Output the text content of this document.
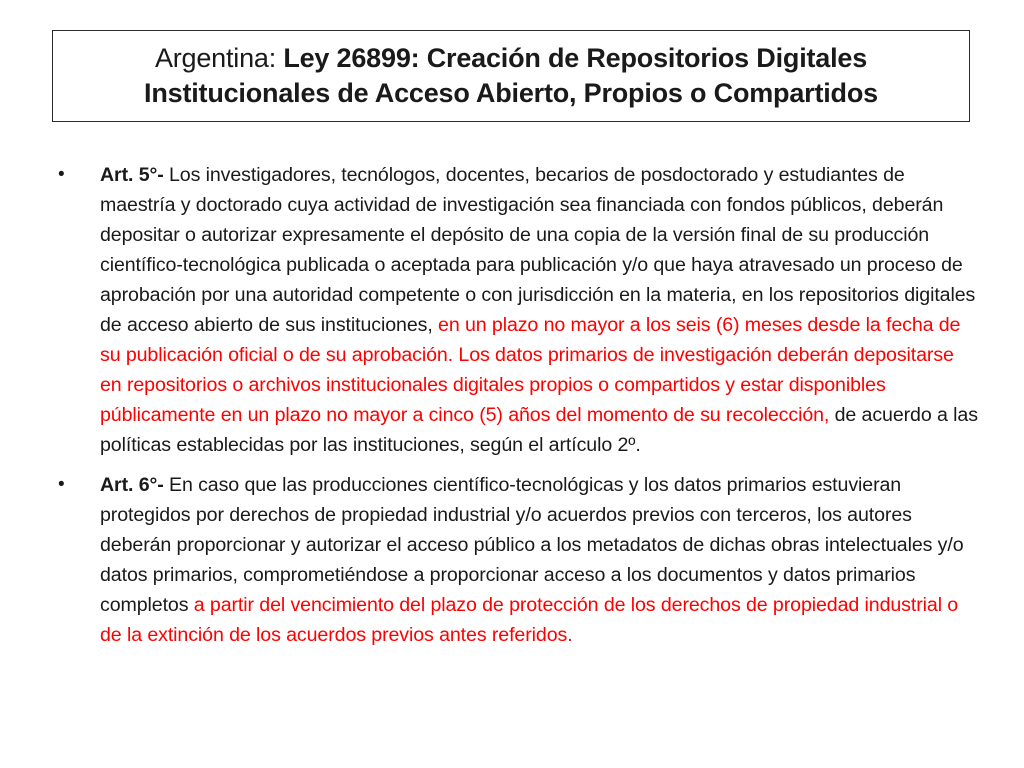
Argentina: Ley 26899: Creación de Repositorios Digitales
Institucionales de Acceso Abierto, Propios o Compartidos
•	Art. 5°- Los investigadores, tecnólogos, docentes, becarios de posdoctorado y estudiantes de maestría y doctorado cuya actividad de investigación sea financiada con fondos públicos, deberán depositar o autorizar expresamente el depósito de una copia de la versión final de su producción científico-tecnológica publicada o aceptada para publicación y/o que haya atravesado un proceso de aprobación por una autoridad competente o con jurisdicción en la materia, en los repositorios digitales de acceso abierto de sus instituciones, en un plazo no mayor a los seis (6) meses desde la fecha de su publicación oficial o de su aprobación. Los datos primarios de investigación deberán depositarse en repositorios o archivos institucionales digitales propios o compartidos y estar disponibles públicamente en un plazo no mayor a cinco (5) años del momento de su recolección, de acuerdo a las políticas establecidas por las instituciones, según el artículo 2º.
•	Art. 6°- En caso que las producciones científico-tecnológicas y los datos primarios estuvieran protegidos por derechos de propiedad industrial y/o acuerdos previos con terceros, los autores deberán proporcionar y autorizar el acceso público a los metadatos de dichas obras intelectuales y/o datos primarios, comprometiéndose a proporcionar acceso a los documentos y datos primarios completos a partir del vencimiento del plazo de protección de los derechos de propiedad industrial o de la extinción de los acuerdos previos antes referidos.
